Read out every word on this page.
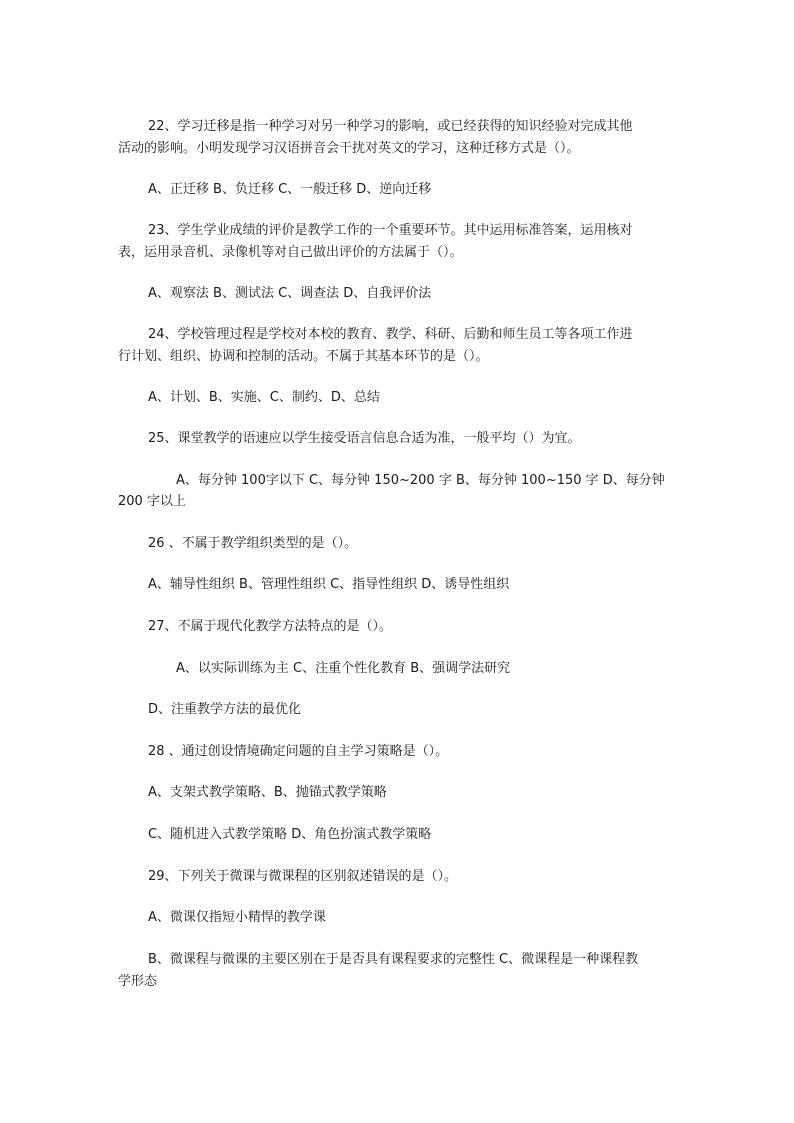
22、学习迁移是指一种学习对另一种学习的影响，或已经获得的知识经验对完成其他
活动的影响。小明发现学习汉语拼音会干扰对英文的学习，这种迁移方式是（）。
A、正迁移 B、负迁移 C、一般迁移 D、逆向迁移
23、学生学业成绩的评价是教学工作的一个重要环节。其中运用标准答案，运用核对
表，运用录音机、录像机等对自己做出评价的方法属于（）。
A、观察法 B、测试法 C、调查法 D、自我评价法
24、学校管理过程是学校对本校的教育、教学、科研、后勤和师生员工等各项工作进
行计划、组织、协调和控制的活动。不属于其基本环节的是（）。
A、计划、B、实施、C、制约、D、总结
25、课堂教学的语速应以学生接受语言信息合适为准，一般平均（）为宜。
A、每分钟 100字以下 C、每分钟 150~200 字 B、每分钟 100~150 字 D、每分钟
200 字以上
26 、不属于教学组织类型的是（）。
A、辅导性组织 B、管理性组织 C、指导性组织 D、诱导性组织
27、不属于现代化教学方法特点的是（）。
A、以实际训练为主 C、注重个性化教育 B、强调学法研究
D、注重教学方法的最优化
28 、通过创设情境确定问题的自主学习策略是（）。
A、支架式教学策略、B、抛锚式教学策略
C、随机进入式教学策略 D、角色扮演式教学策略
29、下列关于微课与微课程的区别叙述错误的是（）。
A、微课仅指短小精悍的教学课
B、微课程与微课的主要区别在于是否具有课程要求的完整性 C、微课程是一种课程教
学形态
